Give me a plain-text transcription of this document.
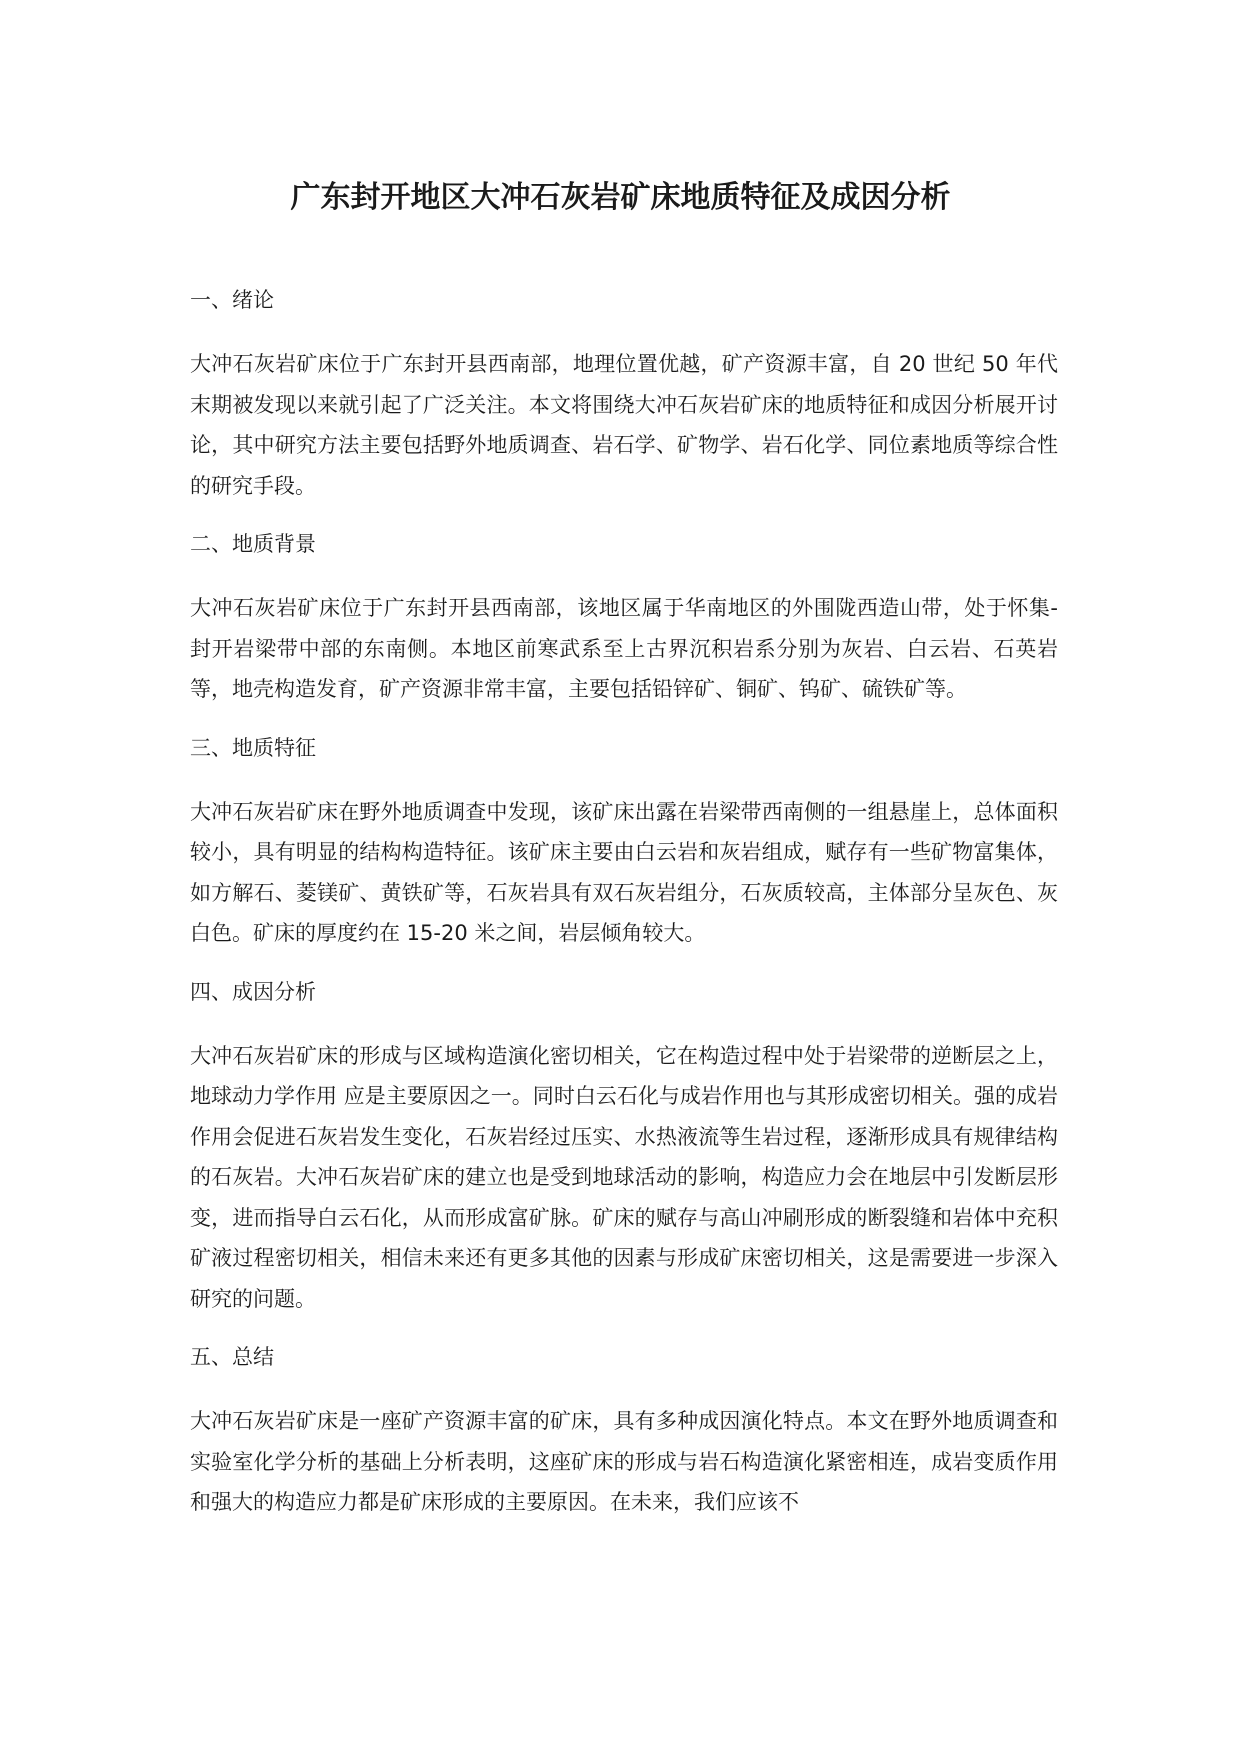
广东封开地区大冲石灰岩矿床地质特征及成因分析

一、绪论

大冲石灰岩矿床位于广东封开县西南部，地理位置优越，矿产资源丰富，自 20 世纪 50 年代末期被发现以来就引起了广泛关注。本文将围绕大冲石灰岩矿床的地质特征和成因分析展开讨论，其中研究方法主要包括野外地质调查、岩石学、矿物学、岩石化学、同位素地质等综合性的研究手段。

二、地质背景

大冲石灰岩矿床位于广东封开县西南部，该地区属于华南地区的外围陇西造山带，处于怀集-封开岩梁带中部的东南侧。本地区前寒武系至上古界沉积岩系分别为灰岩、白云岩、石英岩等，地壳构造发育，矿产资源非常丰富，主要包括铅锌矿、铜矿、钨矿、硫铁矿等。

三、地质特征

大冲石灰岩矿床在野外地质调查中发现，该矿床出露在岩梁带西南侧的一组悬崖上，总体面积较小，具有明显的结构构造特征。该矿床主要由白云岩和灰岩组成，赋存有一些矿物富集体，如方解石、菱镁矿、黄铁矿等，石灰岩具有双石灰岩组分，石灰质较高，主体部分呈灰色、灰白色。矿床的厚度约在 15-20 米之间，岩层倾角较大。

四、成因分析

大冲石灰岩矿床的形成与区域构造演化密切相关，它在构造过程中处于岩梁带的逆断层之上，地球动力学作用 应是主要原因之一。同时白云石化与成岩作用也与其形成密切相关。强的成岩作用会促进石灰岩发生变化，石灰岩经过压实、水热液流等生岩过程，逐渐形成具有规律结构的石灰岩。大冲石灰岩矿床的建立也是受到地球活动的影响，构造应力会在地层中引发断层形变，进而指导白云石化，从而形成富矿脉。矿床的赋存与高山冲刷形成的断裂缝和岩体中充积矿液过程密切相关，相信未来还有更多其他的因素与形成矿床密切相关，这是需要进一步深入研究的问题。

五、总结

大冲石灰岩矿床是一座矿产资源丰富的矿床，具有多种成因演化特点。本文在野外地质调查和实验室化学分析的基础上分析表明，这座矿床的形成与岩石构造演化紧密相连，成岩变质作用和强大的构造应力都是矿床形成的主要原因。在未来，我们应该不
